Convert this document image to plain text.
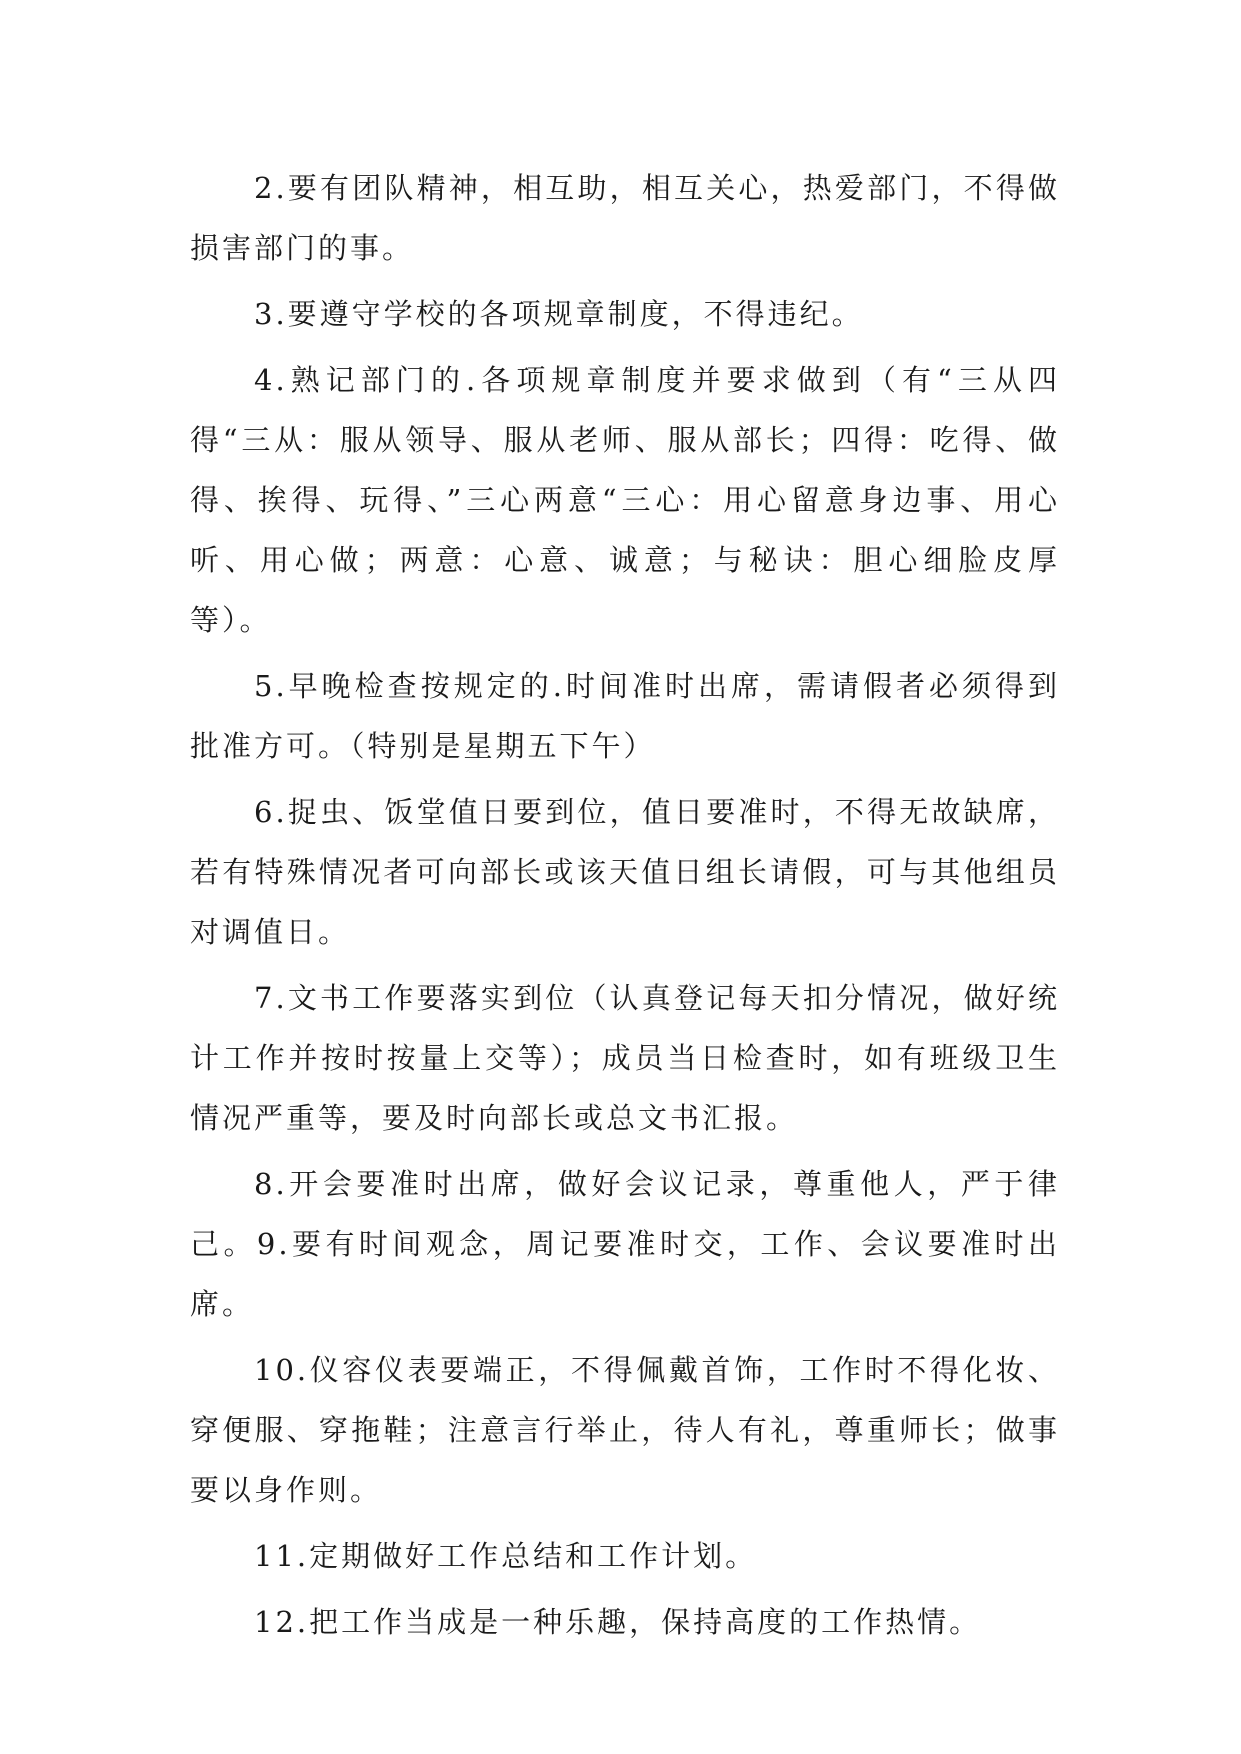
2.要有团队精神，相互助，相互关心，热爱部门，不得做损害部门的事。

3.要遵守学校的各项规章制度，不得违纪。

4.熟记部门的.各项规章制度并要求做到（有“三从四得“三从：服从领导、服从老师、服从部长；四得：吃得、做得、挨得、玩得、”三心两意“三心：用心留意身边事、用心听、用心做；两意：心意、诚意；与秘诀：胆心细脸皮厚等）。

5.早晚检查按规定的.时间准时出席，需请假者必须得到批准方可。（特别是星期五下午）

6.捉虫、饭堂值日要到位，值日要准时，不得无故缺席，若有特殊情况者可向部长或该天值日组长请假，可与其他组员对调值日。

7.文书工作要落实到位（认真登记每天扣分情况，做好统计工作并按时按量上交等）；成员当日检查时，如有班级卫生情况严重等，要及时向部长或总文书汇报。

8.开会要准时出席，做好会议记录，尊重他人，严于律己。9.要有时间观念，周记要准时交，工作、会议要准时出席。

10.仪容仪表要端正，不得佩戴首饰，工作时不得化妆、穿便服、穿拖鞋；注意言行举止，待人有礼，尊重师长；做事要以身作则。

11.定期做好工作总结和工作计划。

12.把工作当成是一种乐趣，保持高度的工作热情。
